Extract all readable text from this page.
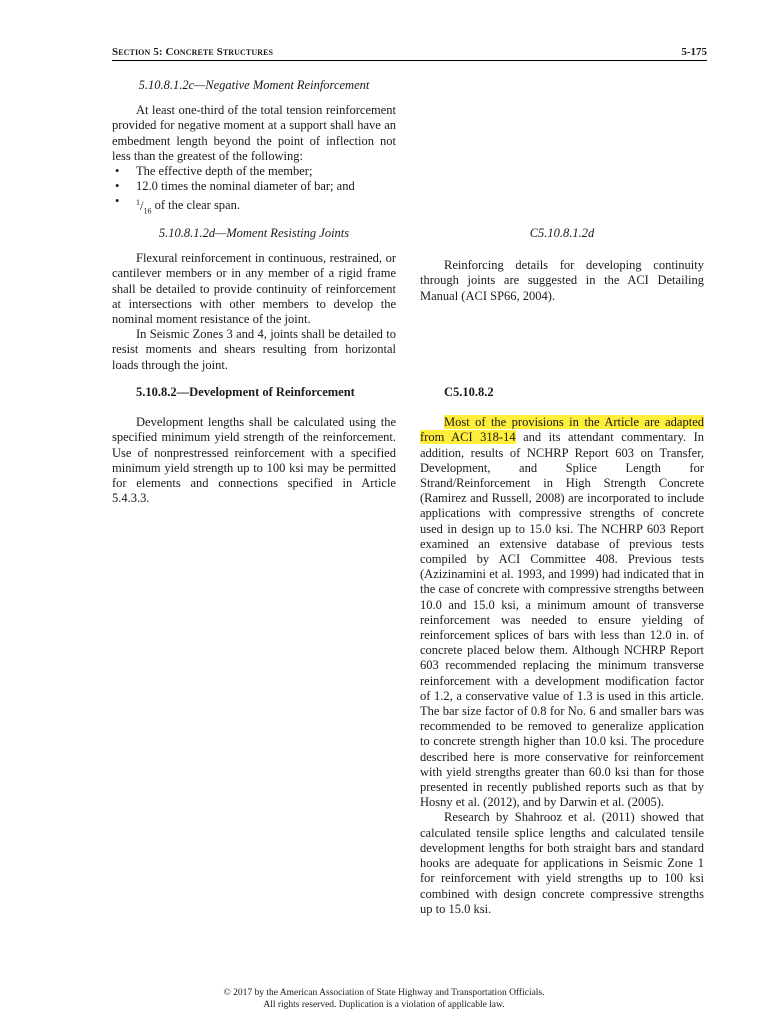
Section 5: Concrete Structures	5-175

5.10.8.1.2c—Negative Moment Reinforcement

At least one-third of the total tension reinforcement provided for negative moment at a support shall have an embedment length beyond the point of inflection not less than the greatest of the following:

• The effective depth of the member;
• 12.0 times the nominal diameter of bar; and
• $^1/_{16}$ of the clear span.

5.10.8.1.2d—Moment Resisting Joints

Flexural reinforcement in continuous, restrained, or cantilever members or in any member of a rigid frame shall be detailed to provide continuity of reinforcement at intersections with other members to develop the nominal moment resistance of the joint.

In Seismic Zones 3 and 4, joints shall be detailed to resist moments and shears resulting from horizontal loads through the joint.

5.10.8.2—Development of Reinforcement

Development lengths shall be calculated using the specified minimum yield strength of the reinforcement. Use of nonprestressed reinforcement with a specified minimum yield strength up to 100 ksi may be permitted for elements and connections specified in Article 5.4.3.3.

C5.10.8.1.2d

Reinforcing details for developing continuity through joints are suggested in the ACI Detailing Manual (ACI SP66, 2004).

C5.10.8.2

Most of the provisions in the Article are adapted from ACI 318-14 and its attendant commentary. In addition, results of NCHRP Report 603 on Transfer, Development, and Splice Length for Strand/Reinforcement in High Strength Concrete (Ramirez and Russell, 2008) are incorporated to include applications with compressive strengths of concrete used in design up to 15.0 ksi. The NCHRP 603 Report examined an extensive database of previous tests compiled by ACI Committee 408. Previous tests (Azizinamini et al. 1993, and 1999) had indicated that in the case of concrete with compressive strengths between 10.0 and 15.0 ksi, a minimum amount of transverse reinforcement was needed to ensure yielding of reinforcement splices of bars with less than 12.0 in. of concrete placed below them. Although NCHRP Report 603 recommended replacing the minimum transverse reinforcement with a development modification factor of 1.2, a conservative value of 1.3 is used in this article. The bar size factor of 0.8 for No. 6 and smaller bars was recommended to be removed to generalize application to concrete strength higher than 10.0 ksi. The procedure described here is more conservative for reinforcement with yield strengths greater than 60.0 ksi than for those presented in recently published reports such as that by Hosny et al. (2012), and by Darwin et al. (2005).

Research by Shahrooz et al. (2011) showed that calculated tensile splice lengths and calculated tensile development lengths for both straight bars and standard hooks are adequate for applications in Seismic Zone 1 for reinforcement with yield strengths up to 100 ksi combined with design concrete compressive strengths up to 15.0 ksi.

© 2017 by the American Association of State Highway and Transportation Officials.
All rights reserved. Duplication is a violation of applicable law.
